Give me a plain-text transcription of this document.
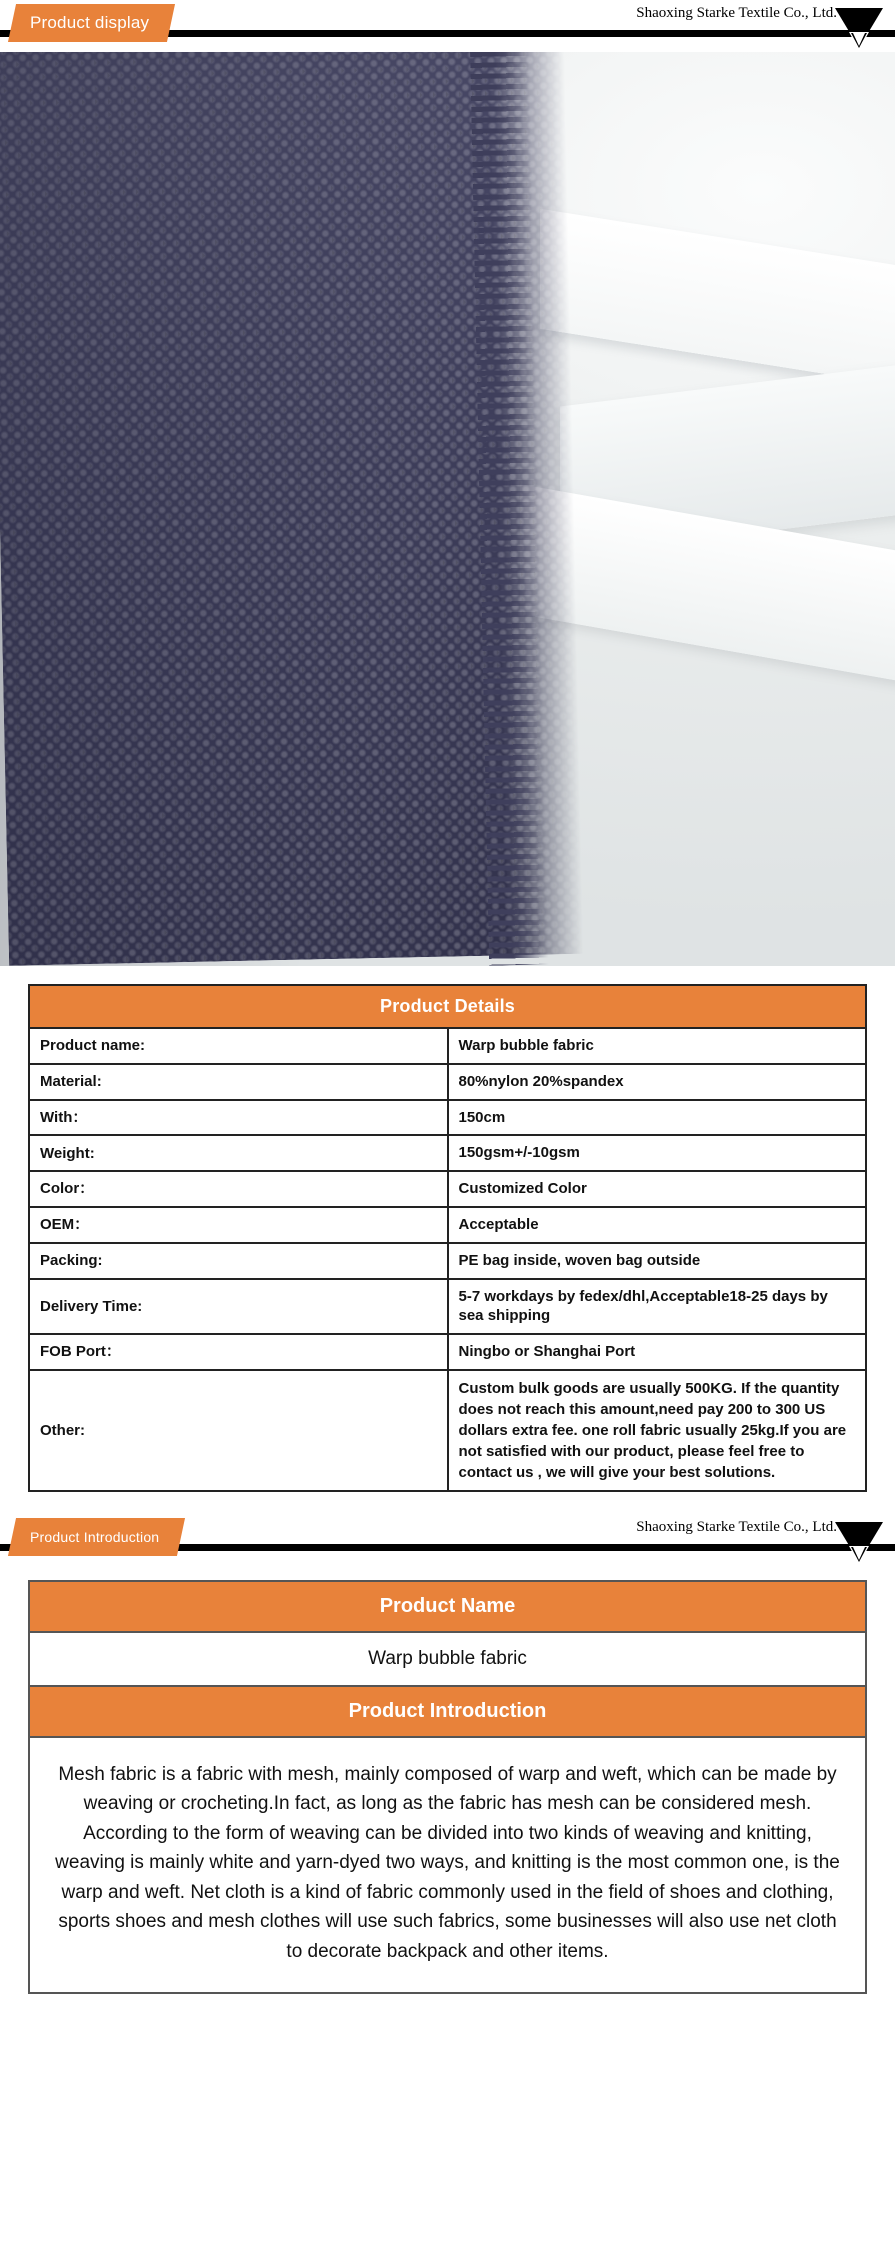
Product display	Shaoxing Starke Textile Co., Ltd.
Product Details	
Product name:	Warp bubble fabric
Material:	80%nylon 20%spandex
With：	150cm
Weight:	150gsm+/-10gsm
Color：	Customized Color
OEM：	Acceptable
Packing:	PE bag inside, woven bag outside
Delivery Time:	5-7 workdays by fedex/dhl,Acceptable18-25 days by sea shipping
FOB Port：	Ningbo or Shanghai Port
Other:	Custom bulk goods are usually 500KG. If the quantity does not reach this amount,need pay 200 to 300 US dollars extra fee. one roll fabric usually 25kg.If you are not satisfied with our product, please feel free to contact us , we will give your best solutions.
Product Introduction
Shaoxing Starke Textile Co., Ltd.
Product Name
Warp bubble fabric
Product Introduction
Mesh fabric is a fabric with mesh, mainly composed of warp and weft, which can be made by weaving or crocheting.In fact, as long as the fabric has mesh can be considered mesh. According to the form of weaving can be divided into two kinds of weaving and knitting, weaving is mainly white and yarn-dyed two ways, and knitting is the most common one, is the warp and weft. Net cloth is a kind of fabric commonly used in the field of shoes and clothing, sports shoes and mesh clothes will use such fabrics, some businesses will also use net cloth to decorate backpack and other items.
